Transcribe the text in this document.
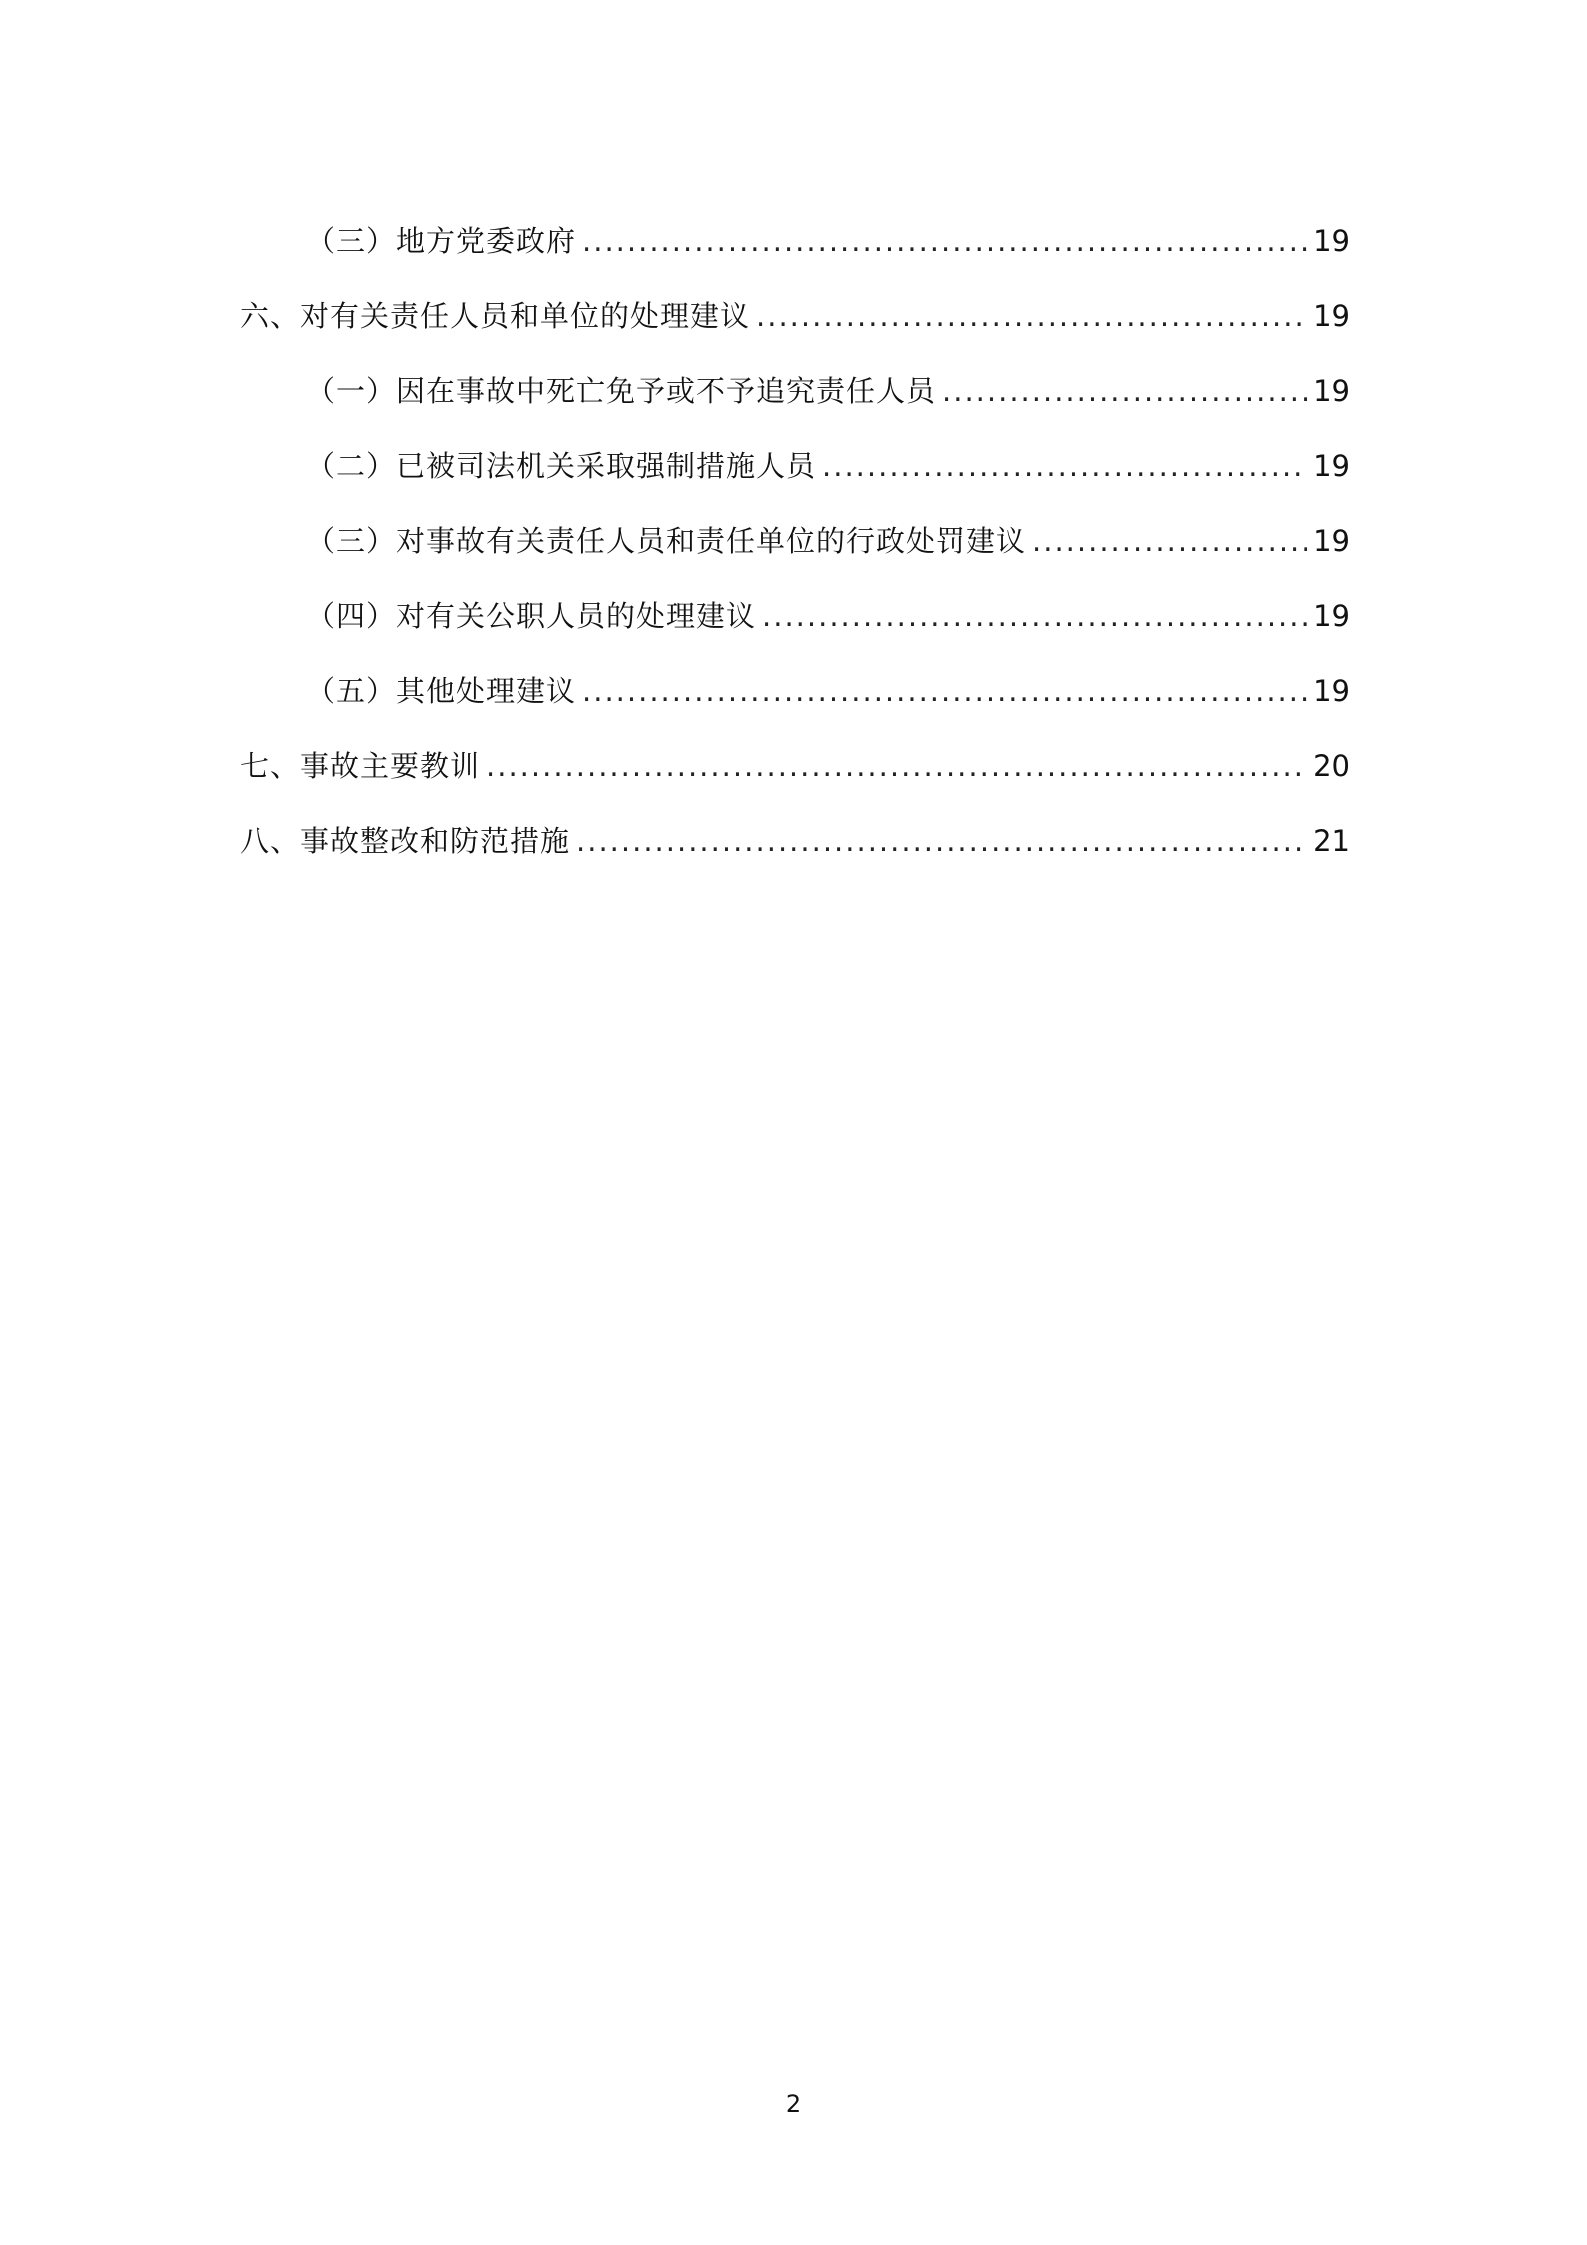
（三）地方党委政府 .....	19
六、对有关责任人员和单位的处理建议 .....	19
（一）因在事故中死亡免予或不予追究责任人员 .....	19
（二）已被司法机关采取强制措施人员 .....	19
（三）对事故有关责任人员和责任单位的行政处罚建议 .....	19
（四）对有关公职人员的处理建议 .....	19
（五）其他处理建议 .....	19
七、事故主要教训 .....	20
八、事故整改和防范措施 .....	21
2
